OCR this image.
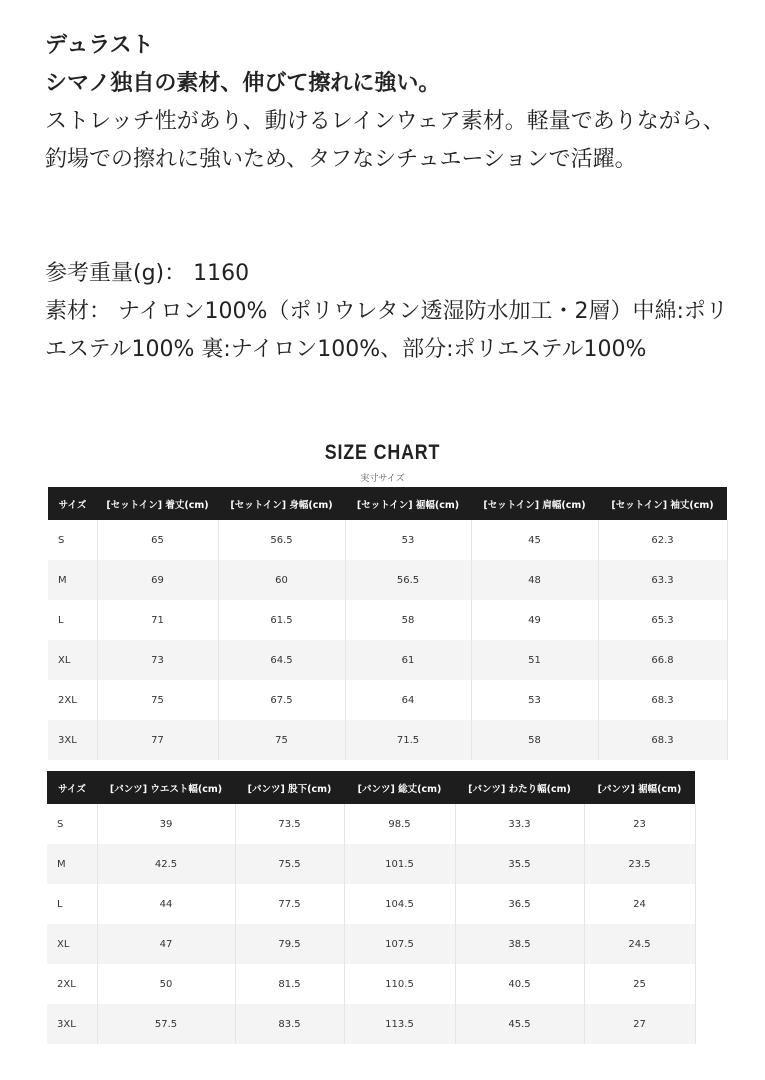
デュラスト
シマノ独自の素材、伸びて擦れに強い。
ストレッチ性があり、動けるレインウェア素材。軽量でありながら、釣場での擦れに強いため、タフなシチュエーションで活躍。
参考重量(g)： 1160
素材： ナイロン100%（ポリウレタン透湿防水加工・2層）中綿:ポリエステル100% 裏:ナイロン100%、部分:ポリエステル100%
SIZE CHART
実寸サイズ
サイズ	[セットイン] 着丈(cm)	[セットイン] 身幅(cm)	[セットイン] 裾幅(cm)	[セットイン] 肩幅(cm)	[セットイン] 袖丈(cm)
S	65	56.5	53	45	62.3
M	69	60	56.5	48	63.3
L	71	61.5	58	49	65.3
XL	73	64.5	61	51	66.8
2XL	75	67.5	64	53	68.3
3XL	77	75	71.5	58	68.3
サイズ	[パンツ] ウエスト幅(cm)	[パンツ] 股下(cm)	[パンツ] 総丈(cm)	[パンツ] わたり幅(cm)	[パンツ] 裾幅(cm)
S	39	73.5	98.5	33.3	23
M	42.5	75.5	101.5	35.5	23.5
L	44	77.5	104.5	36.5	24
XL	47	79.5	107.5	38.5	24.5
2XL	50	81.5	110.5	40.5	25
3XL	57.5	83.5	113.5	45.5	27
